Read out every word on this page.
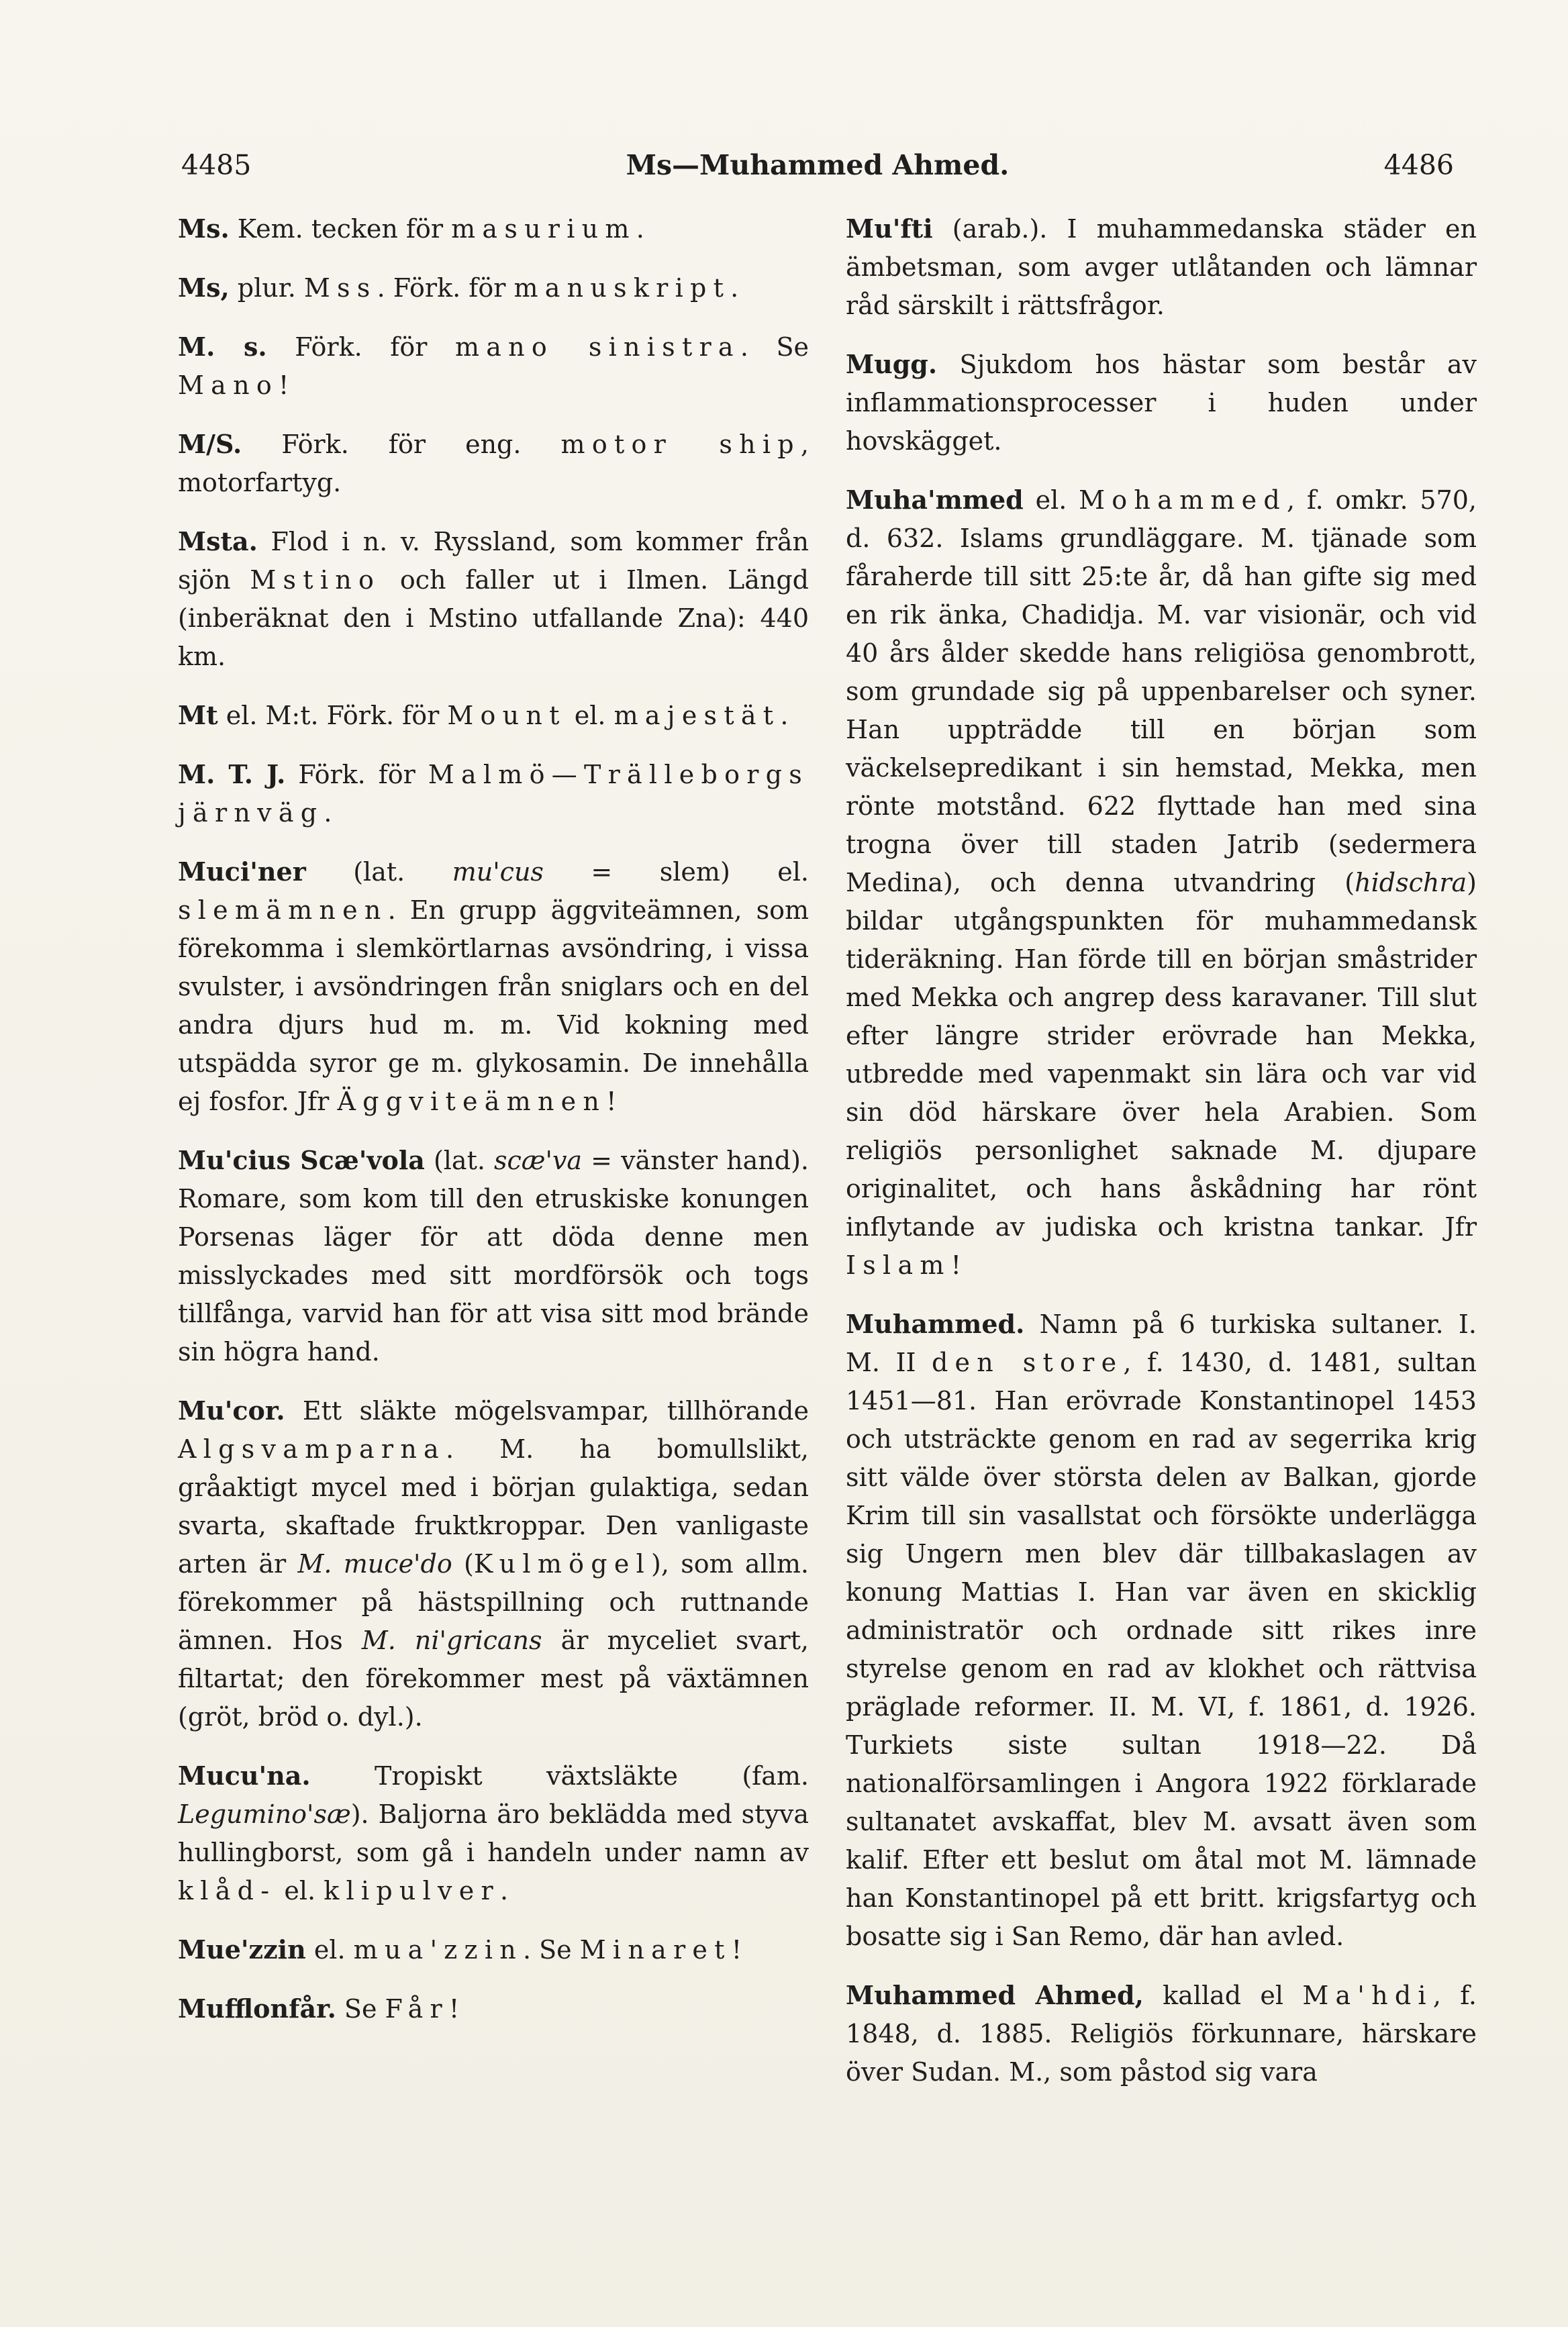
4485	Ms—Muhammed Ahmed.	4486

Ms. Kem. tecken för masurium.

Ms, plur. Mss. Förk. för manuskript.

M. s. Förk. för mano sinistra. Se Mano!

M/S. Förk. för eng. motor ship, motorfartyg.

Msta. Flod i n. v. Ryssland, som kommer från sjön Mstino och faller ut i Ilmen. Längd (inberäknat den i Mstino utfallande Zna): 440 km.

Mt el. M:t. Förk. för Mount el. majestät.

M. T. J. Förk. för Malmö—Trälleborgs järnväg.

Muci'ner (lat. mu'cus = slem) el. slemämnen. En grupp äggviteämnen, som förekomma i slemkörtlarnas avsöndring, i vissa svulster, i avsöndringen från sniglars och en del andra djurs hud m. m. Vid kokning med utspädda syror ge m. glykosamin. De innehålla ej fosfor. Jfr Äggviteämnen!

Mu'cius Scæ'vola (lat. scæ'va = vänster hand). Romare, som kom till den etruskiske konungen Porsenas läger för att döda denne men misslyckades med sitt mordförsök och togs tillfånga, varvid han för att visa sitt mod brände sin högra hand.

Mu'cor. Ett släkte mögelsvampar, tillhörande Algsvamparna. M. ha bomullslikt, gråaktigt mycel med i början gulaktiga, sedan svarta, skaftade fruktkroppar. Den vanligaste arten är M. muce'do (Kulmögel), som allm. förekommer på hästspillning och ruttnande ämnen. Hos M. ni'gricans är myceliet svart, filtartat; den förekommer mest på växtämnen (gröt, bröd o. dyl.).

Mucu'na. Tropiskt växtsläkte (fam. Leguminо'sæ). Baljorna äro beklädda med styva hullingborst, som gå i handeln under namn av klåd- el. klipulver.

Mue'zzin el. mua'zzin. Se Minaret!

Mufflonfår. Se Får!

Mu'fti (arab.). I muhammedanska städer en ämbetsman, som avger utlåtanden och lämnar råd särskilt i rättsfrågor.

Mugg. Sjukdom hos hästar som består av inflammationsprocesser i huden under hovskägget.

Muha'mmed el. Mohammed, f. omkr. 570, d. 632. Islams grundläggare. M. tjänade som fåraherde till sitt 25:te år, då han gifte sig med en rik änka, Chadidja. M. var visionär, och vid 40 års ålder skedde hans religiösa genombrott, som grundade sig på uppenbarelser och syner. Han uppträdde till en början som väckelsepredikant i sin hemstad, Mekka, men rönte motstånd. 622 flyttade han med sina trogna över till staden Jatrib (sedermera Medina), och denna utvandring (hidschra) bildar utgångspunkten för muhammedansk tideräkning. Han förde till en början småstrider med Mekka och angrep dess karavaner. Till slut efter längre strider erövrade han Mekka, utbredde med vapenmakt sin lära och var vid sin död härskare över hela Arabien. Som religiös personlighet saknade M. djupare originalitet, och hans åskådning har rönt inflytande av judiska och kristna tankar. Jfr Islam!

Muhammed. Namn på 6 turkiska sultaner. I. M. II den store, f. 1430, d. 1481, sultan 1451—81. Han erövrade Konstantinopel 1453 och utsträckte genom en rad av segerrika krig sitt välde över största delen av Balkan, gjorde Krim till sin vasallstat och försökte underlägga sig Ungern men blev där tillbakaslagen av konung Mattias I. Han var även en skicklig administratör och ordnade sitt rikes inre styrelse genom en rad av klokhet och rättvisa präglade reformer. II. M. VI, f. 1861, d. 1926. Turkiets siste sultan 1918—22. Då nationalförsamlingen i Angora 1922 förklarade sultanatet avskaffat, blev M. avsatt även som kalif. Efter ett beslut om åtal mot M. lämnade han Konstantinopel på ett britt. krigsfartyg och bosatte sig i San Remo, där han avled.

Muhammed Ahmed, kallad el Ma'hdi, f. 1848, d. 1885. Religiös förkunnare, härskare över Sudan. M., som påstod sig vara
